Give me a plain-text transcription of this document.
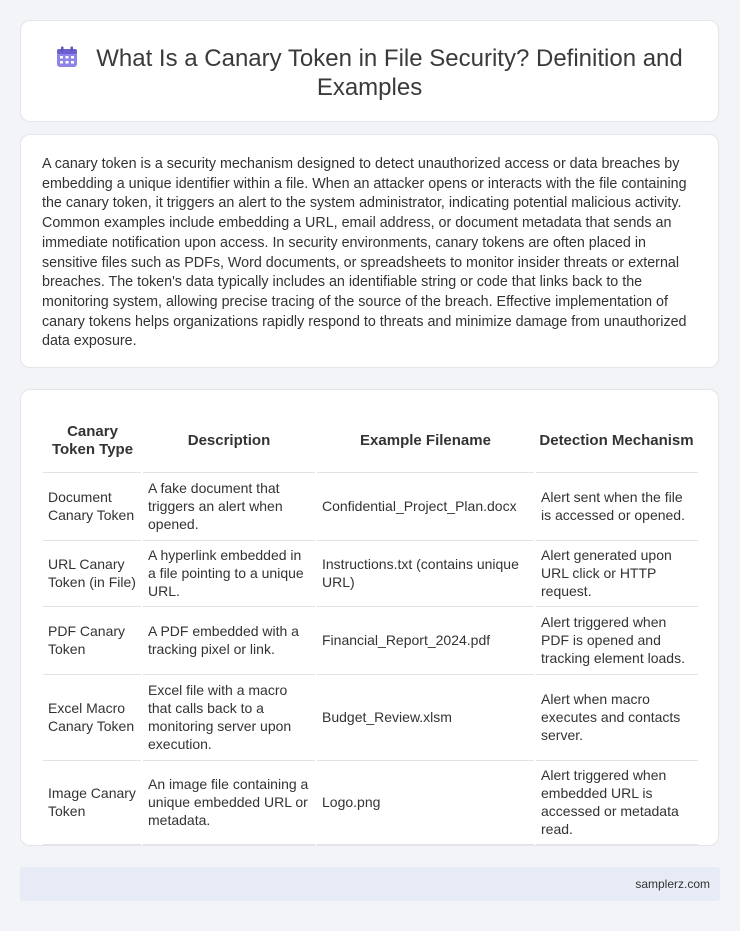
What Is a Canary Token in File Security? Definition and Examples

A canary token is a security mechanism designed to detect unauthorized access or data breaches by embedding a unique identifier within a file. When an attacker opens or interacts with the file containing the canary token, it triggers an alert to the system administrator, indicating potential malicious activity. Common examples include embedding a URL, email address, or document metadata that sends an immediate notification upon access. In security environments, canary tokens are often placed in sensitive files such as PDFs, Word documents, or spreadsheets to monitor insider threats or external breaches. The token's data typically includes an identifiable string or code that links back to the monitoring system, allowing precise tracing of the source of the breach. Effective implementation of canary tokens helps organizations rapidly respond to threats and minimize damage from unauthorized data exposure.

Canary Token Type	Description	Example Filename	Detection Mechanism
Document Canary Token	A fake document that triggers an alert when opened.	Confidential_Project_Plan.docx	Alert sent when the file is accessed or opened.
URL Canary Token (in File)	A hyperlink embedded in a file pointing to a unique URL.	Instructions.txt (contains unique URL)	Alert generated upon URL click or HTTP request.
PDF Canary Token	A PDF embedded with a tracking pixel or link.	Financial_Report_2024.pdf	Alert triggered when PDF is opened and tracking element loads.
Excel Macro Canary Token	Excel file with a macro that calls back to a monitoring server upon execution.	Budget_Review.xlsm	Alert when macro executes and contacts server.
Image Canary Token	An image file containing a unique embedded URL or metadata.	Logo.png	Alert triggered when embedded URL is accessed or metadata read.
samplerz.com
